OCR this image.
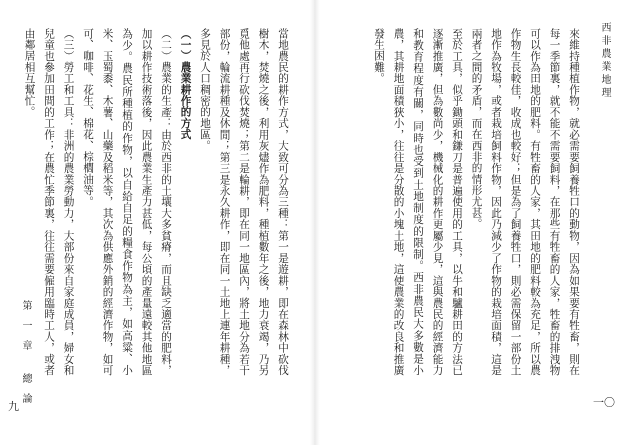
當地農民的耕作方式，大致可分為三種：第一是遊耕，即在森林中砍伐樹木，焚燒之後，利用灰燼作為肥料，種植數年之後，地力衰竭，乃另覓他處再行砍伐焚燒；第二是輪耕，即在同一地區內，將土地分為若干部份，輪流耕種及休閒；第三是永久耕作，即在同一土地上連年耕種，多見於人口稠密的地區。

（一）農業耕作的方式

（二）農業的生產：由於西非的土壤大多貧瘠，而且缺乏適當的肥料，加以耕作技術落後，因此農業生產力甚低，每公頃的產量遠較其他地區為少。農民所種植的作物，以自給自足的糧食作物為主，如高粱、小米、玉蜀黍、木薯、山藥及稻米等，其次為供應外銷的經濟作物，如可可、咖啡、花生、棉花、棕櫚油等。

（三）勞工和工具：非洲的農業勞動力，大部份來自家庭成員，婦女和兒童也參加田間的工作；在農忙季節裏，往往需要僱用臨時工人，或者由鄰居相互幫忙。

第一章 總論
九
西非農業地理

來維持種植作物，就必需要飼養牲口的動物，因為如果要有牲畜，則在每一季節裏，就不能不需要飼料，在那些有牲畜的人家，牲畜的排洩物可以作為田地的肥料。有牲畜的人家，其田地的肥料較為充足，所以農作物生長較佳，收成也較好；但是為了飼養牲口，則必需保留一部份土地作為牧場，或者栽培飼料作物，因此乃減少了作物的栽培面積，這是兩者之間的矛盾，而在西非的情形尤甚。

至於工具，似乎鋤頭和鎌刀是普遍使用的工具，以牛和驢耕田的方法已逐漸推廣，但為數尚少，機械化的耕作更屬少見，這與農民的經濟能力和教育程度有關，同時也受到土地制度的限制。西非農民大多數是小農，其耕地面積狹小，往往是分散的小塊土地，這使農業的改良和推廣發生困難。

一〇
